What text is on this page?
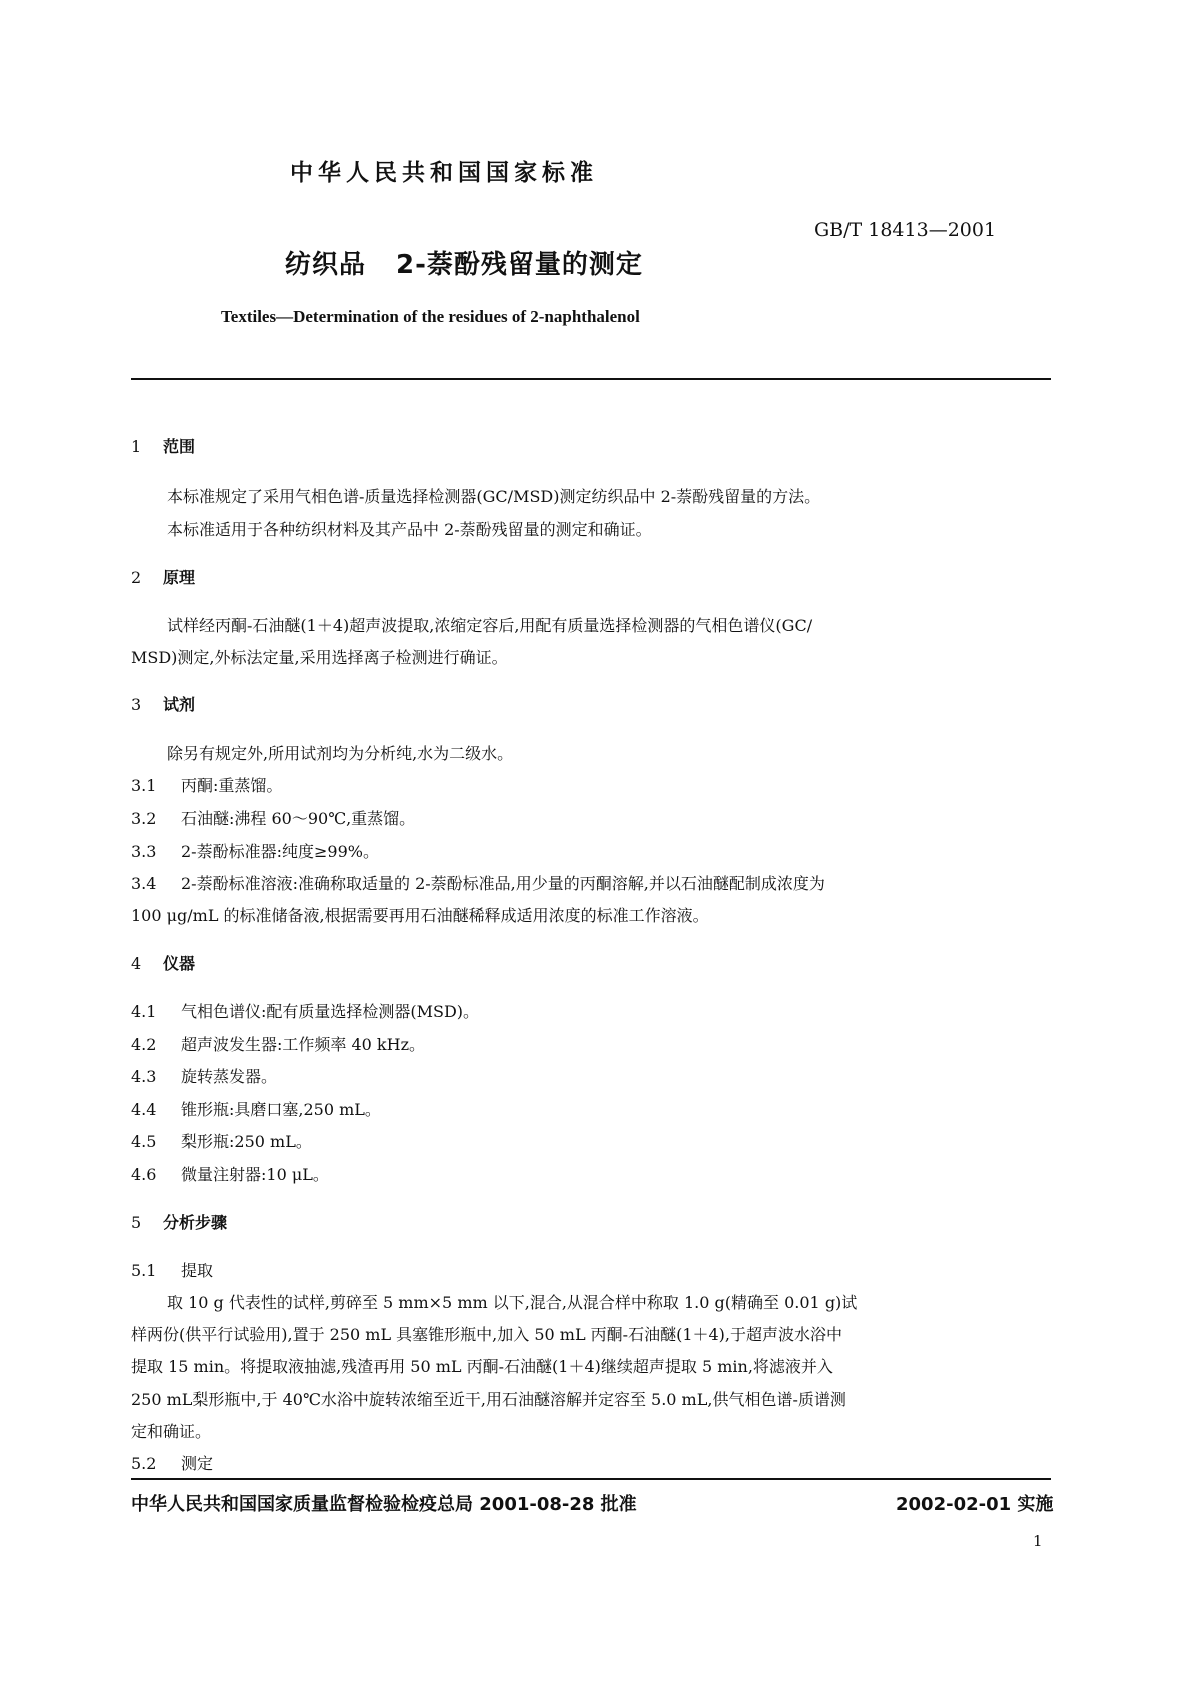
中华人民共和国国家标准
GB/T 18413—2001
纺织品 2-萘酚残留量的测定
Textiles—Determination of the residues of 2-naphthalenol
1 范围
本标准规定了采用气相色谱-质量选择检测器(GC/MSD)测定纺织品中 2-萘酚残留量的方法。
本标准适用于各种纺织材料及其产品中 2-萘酚残留量的测定和确证。
2 原理
试样经丙酮-石油醚(1＋4)超声波提取,浓缩定容后,用配有质量选择检测器的气相色谱仪(GC/
MSD)测定,外标法定量,采用选择离子检测进行确证。
3 试剂
除另有规定外,所用试剂均为分析纯,水为二级水。
3.1 丙酮:重蒸馏。
3.2 石油醚:沸程 60～90℃,重蒸馏。
3.3 2-萘酚标准器:纯度≥99%。
3.4 2-萘酚标准溶液:准确称取适量的 2-萘酚标准品,用少量的丙酮溶解,并以石油醚配制成浓度为
100 μg/mL 的标准储备液,根据需要再用石油醚稀释成适用浓度的标准工作溶液。
4 仪器
4.1 气相色谱仪:配有质量选择检测器(MSD)。
4.2 超声波发生器:工作频率 40 kHz。
4.3 旋转蒸发器。
4.4 锥形瓶:具磨口塞,250 mL。
4.5 梨形瓶:250 mL。
4.6 微量注射器:10 μL。
5 分析步骤
5.1 提取
取 10 g 代表性的试样,剪碎至 5 mm×5 mm 以下,混合,从混合样中称取 1.0 g(精确至 0.01 g)试
样两份(供平行试验用),置于 250 mL 具塞锥形瓶中,加入 50 mL 丙酮-石油醚(1＋4),于超声波水浴中
提取 15 min。将提取液抽滤,残渣再用 50 mL 丙酮-石油醚(1＋4)继续超声提取 5 min,将滤液并入
250 mL梨形瓶中,于 40℃水浴中旋转浓缩至近干,用石油醚溶解并定容至 5.0 mL,供气相色谱-质谱测
定和确证。
5.2 测定
中华人民共和国国家质量监督检验检疫总局 2001-08-28 批准	2002-02-01 实施
1
